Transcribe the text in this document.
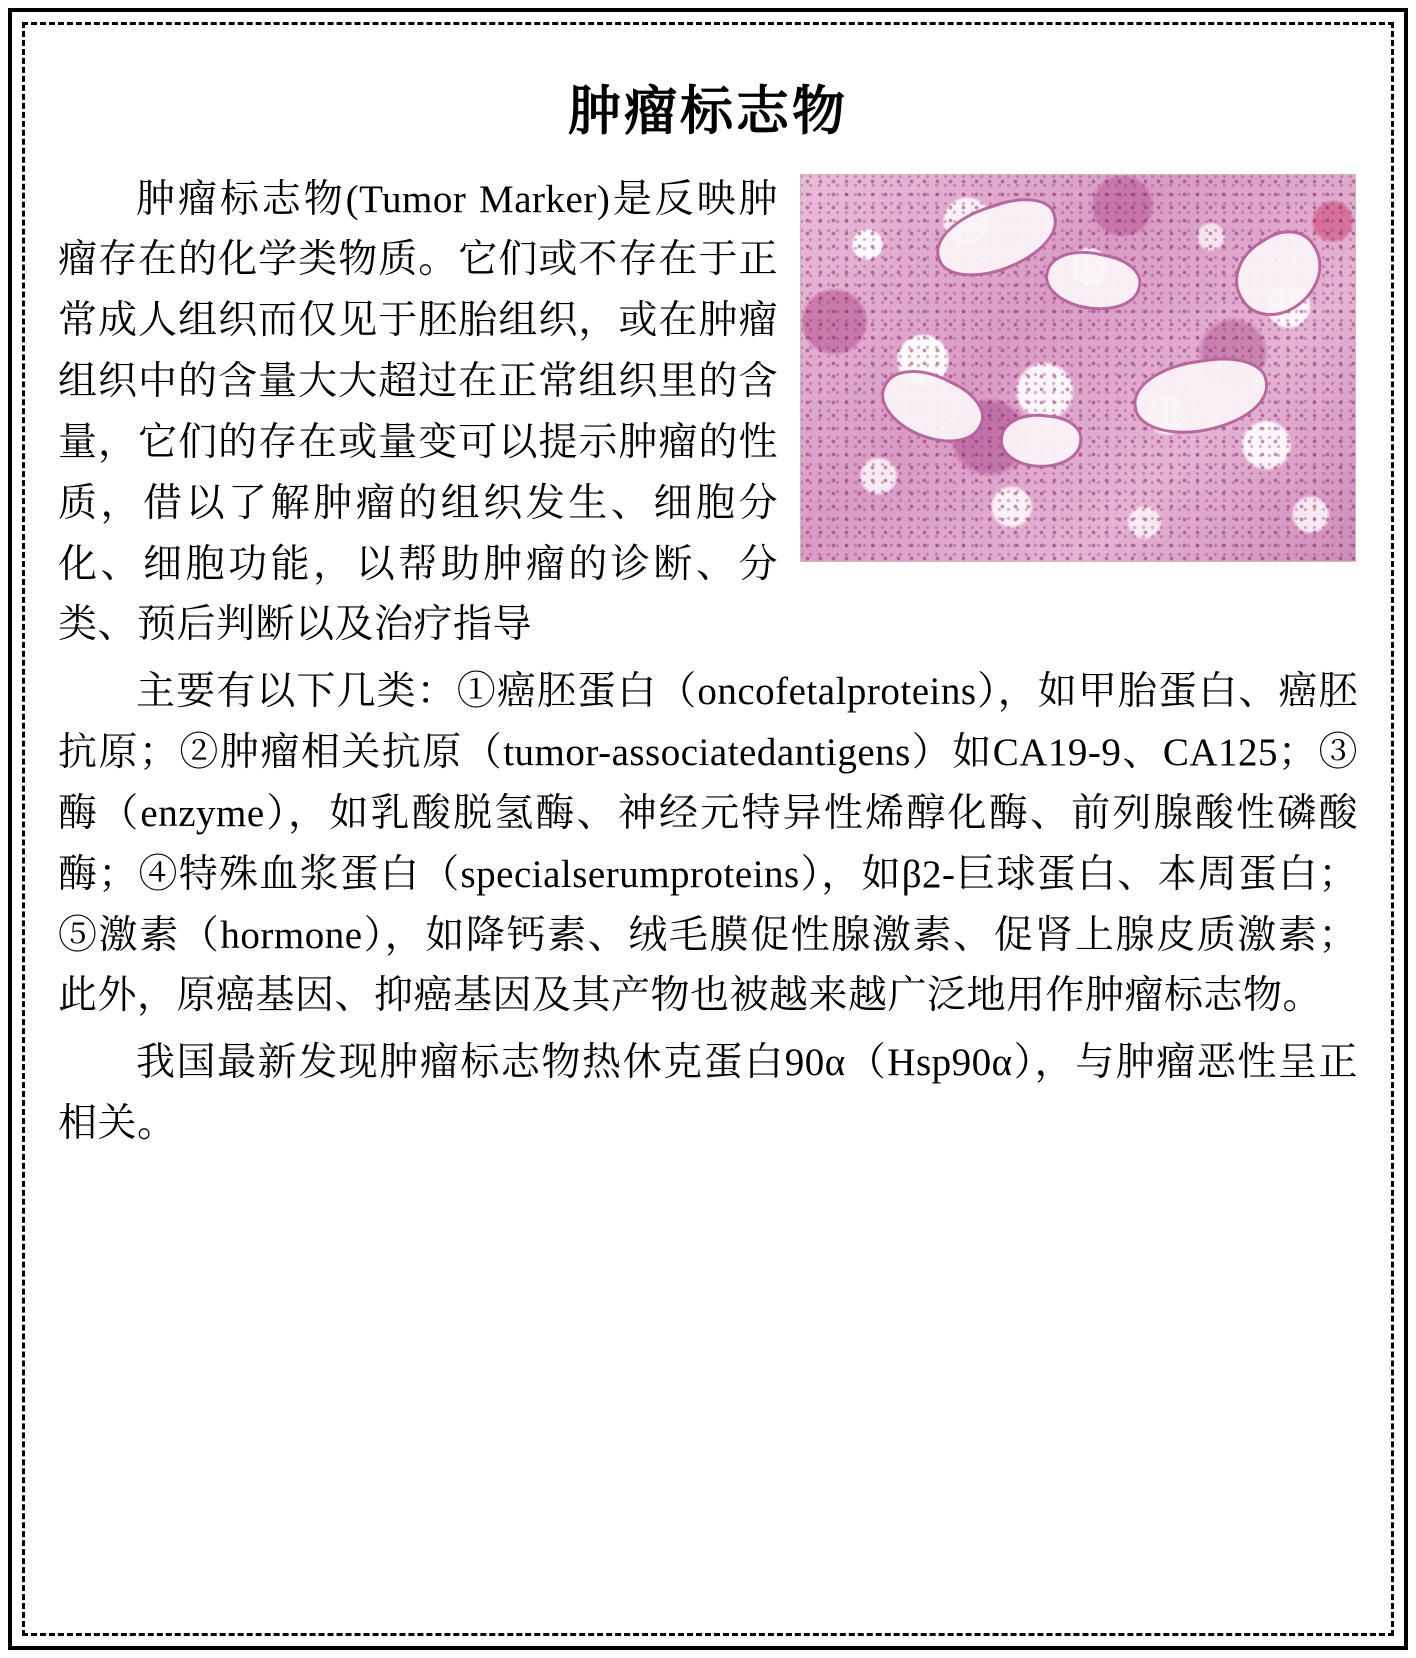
肿瘤标志物

肿瘤标志物(Tumor Marker)是反映肿瘤存在的化学类物质。它们或不存在于正常成人组织而仅见于胚胎组织，或在肿瘤组织中的含量大大超过在正常组织里的含量，它们的存在或量变可以提示肿瘤的性质，借以了解肿瘤的组织发生、细胞分化、细胞功能，以帮助肿瘤的诊断、分类、预后判断以及治疗指导

主要有以下几类：①癌胚蛋白（oncofetalproteins），如甲胎蛋白、癌胚抗原；②肿瘤相关抗原（tumor-associatedantigens）如CA19-9、CA125；③酶（enzyme），如乳酸脱氢酶、神经元特异性烯醇化酶、前列腺酸性磷酸酶；④特殊血浆蛋白（specialserumproteins），如β2-巨球蛋白、本周蛋白；⑤激素（hormone），如降钙素、绒毛膜促性腺激素、促肾上腺皮质激素；此外，原癌基因、抑癌基因及其产物也被越来越广泛地用作肿瘤标志物。

我国最新发现肿瘤标志物热休克蛋白90α（Hsp90α），与肿瘤恶性呈正相关。
